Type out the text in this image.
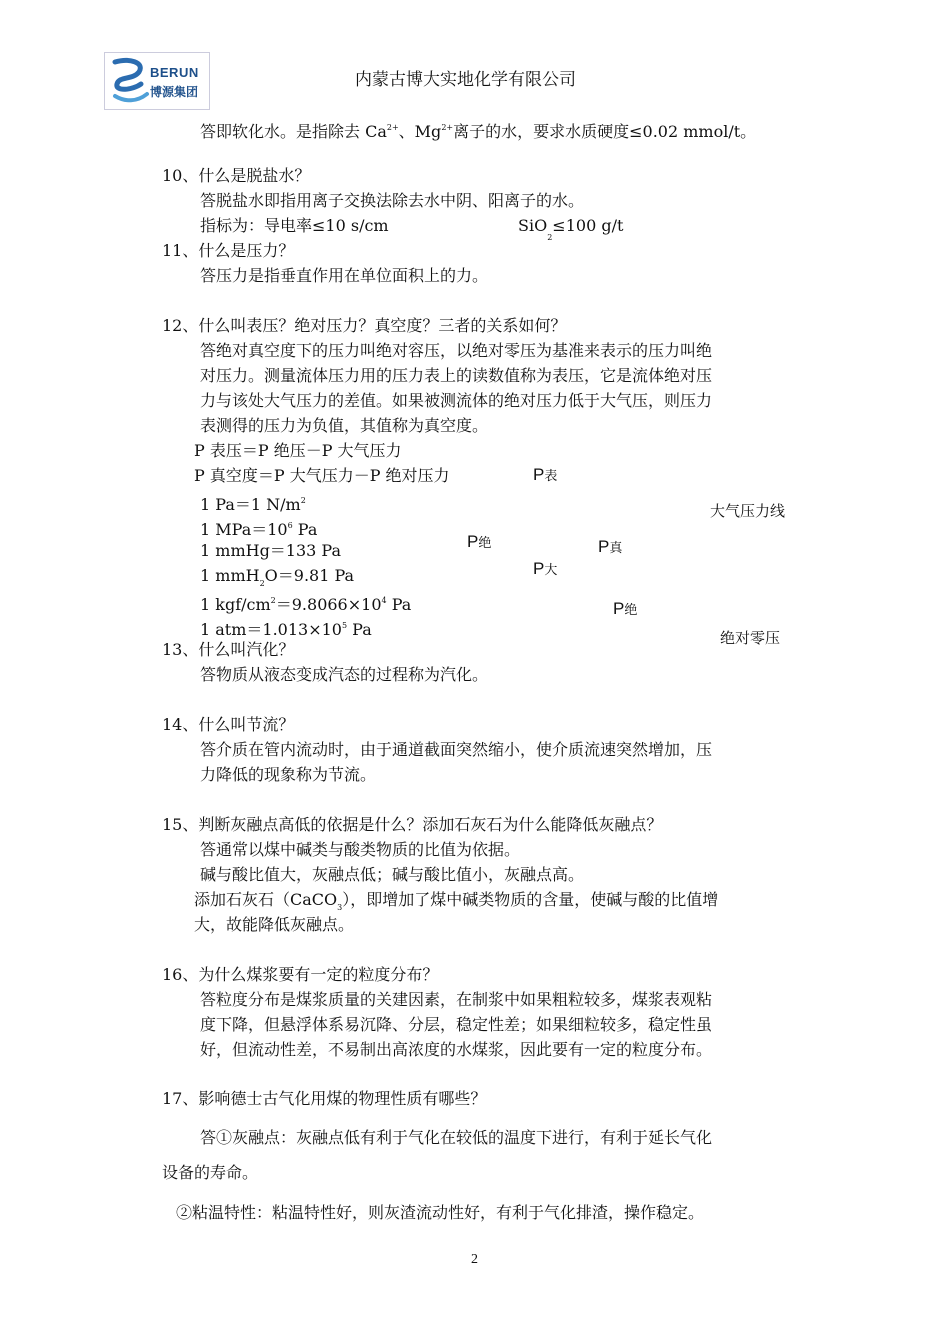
BERUN
博源集团
内蒙古博大实地化学有限公司
答即软化水。是指除去 $Ca^{2+}$、$Mg^{2+}$离子的水，要求水质硬度≤0.02 mmol/t。
10、什么是脱盐水？
答脱盐水即指用离子交换法除去水中阴、阳离子的水。
指标为：导电率≤10 s/cm	SiO$_2$≤100 g/t
11、什么是压力？
答压力是指垂直作用在单位面积上的力。
12、什么叫表压？绝对压力？真空度？三者的关系如何？
答绝对真空度下的压力叫绝对容压，以绝对零压为基准来表示的压力叫绝
对压力。测量流体压力用的压力表上的读数值称为表压，它是流体绝对压
力与该处大气压力的差值。如果被测流体的绝对压力低于大气压，则压力
表测得的压力为负值，其值称为真空度。
P 表压＝P 绝压－P 大气压力
P 真空度＝P 大气压力－P 绝对压力
1 Pa＝1 $N/m^2$
1 $MPa=10^6$ Pa
1 mmHg＝133 Pa
1 mmH$_2$O＝9.81 Pa
1 kgf/$cm^2=9.8066\times 10^4$ Pa
1 $atm=1.013\times 10^5$ Pa
P表
大气压力线
P绝	P真
P大
P绝
绝对零压
13、什么叫汽化？
答物质从液态变成汽态的过程称为汽化。
14、什么叫节流？
答介质在管内流动时，由于通道截面突然缩小，使介质流速突然增加，压
力降低的现象称为节流。
15、判断灰融点高低的依据是什么？添加石灰石为什么能降低灰融点？
答通常以煤中碱类与酸类物质的比值为依据。
碱与酸比值大，灰融点低；碱与酸比值小，灰融点高。
添加石灰石（CaCO$_3$），即增加了煤中碱类物质的含量，使碱与酸的比值增
大，故能降低灰融点。
16、为什么煤浆要有一定的粒度分布？
答粒度分布是煤浆质量的关建因素，在制浆中如果粗粒较多，煤浆表观粘
度下降，但悬浮体系易沉降、分层，稳定性差；如果细粒较多，稳定性虽
好，但流动性差，不易制出高浓度的水煤浆，因此要有一定的粒度分布。
17、影响德士古气化用煤的物理性质有哪些？
答①灰融点：灰融点低有利于气化在较低的温度下进行，有利于延长气化
设备的寿命。
②粘温特性：粘温特性好，则灰渣流动性好，有利于气化排渣，操作稳定。
2
